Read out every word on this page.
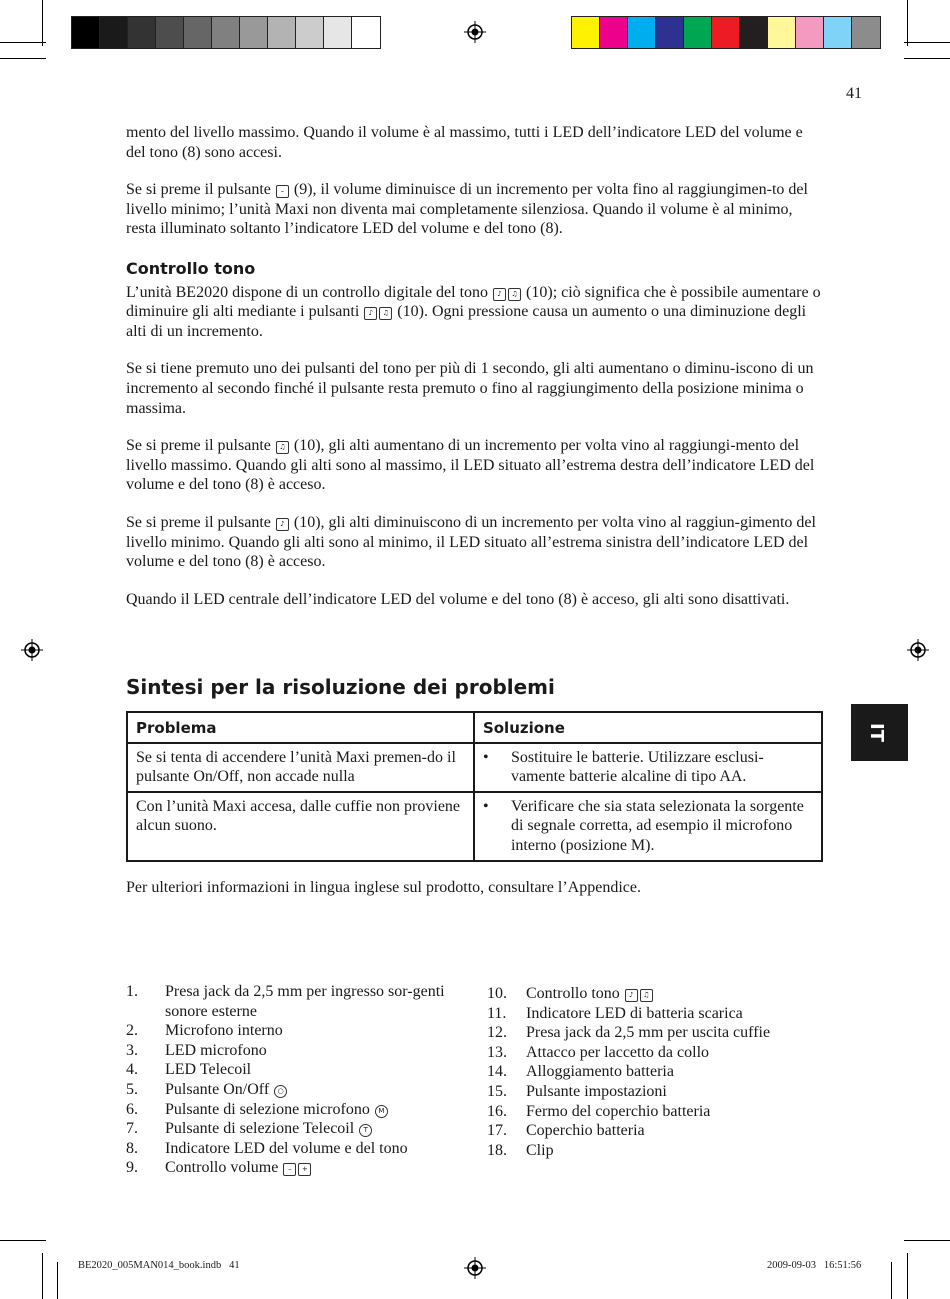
41

mento del livello massimo. Quando il volume è al massimo, tutti i LED dell’indicatore LED del volume e del tono (8) sono accesi.

Se si preme il pulsante – (9), il volume diminuisce di un incremento per volta fino al raggiungimen-to del livello minimo; l’unità Maxi non diventa mai completamente silenziosa. Quando il volume è al minimo, resta illuminato soltanto l’indicatore LED del volume e del tono (8).

Controllo tono

L’unità BE2020 dispone di un controllo digitale del tono ♪ ♫ (10); ciò significa che è possibile aumentare o diminuire gli alti mediante i pulsanti ♪ ♫ (10). Ogni pressione causa un aumento o una diminuzione degli alti di un incremento.

Se si tiene premuto uno dei pulsanti del tono per più di 1 secondo, gli alti aumentano o diminu-iscono di un incremento al secondo finché il pulsante resta premuto o fino al raggiungimento della posizione minima o massima.

Se si preme il pulsante ♫ (10), gli alti aumentano di un incremento per volta vino al raggiungi-mento del livello massimo. Quando gli alti sono al massimo, il LED situato all’estrema destra dell’indicatore LED del volume e del tono (8) è acceso.

Se si preme il pulsante ♪ (10), gli alti diminuiscono di un incremento per volta vino al raggiun-gimento del livello minimo. Quando gli alti sono al minimo, il LED situato all’estrema sinistra dell’indicatore LED del volume e del tono (8) è acceso.

Quando il LED centrale dell’indicatore LED del volume e del tono (8) è acceso, gli alti sono disattivati.

Sintesi per la risoluzione dei problemi
Problema	Soluzione
Se si tenta di accendere l’unità Maxi premen-do il pulsante On/Off, non accade nulla	• Sostituire le batterie. Utilizzare esclusi-vamente batterie alcaline di tipo AA.

Con l’unità Maxi accesa, dalle cuffie non proviene alcun suono.	• Verificare che sia stata selezionata la sorgente di segnale corretta, ad esempio il microfono interno (posizione M).
Per ulteriori informazioni in lingua inglese sul prodotto, consultare l’Appendice.
1.	Presa jack da 2,5 mm per ingresso sor-genti sonore esterne
2.	Microfono interno
3.	LED microfono
4.	LED Telecoil
5.	Pulsante On/Off ○
6.	Pulsante di selezione microfono M
7.	Pulsante di selezione Telecoil T
8.	Indicatore LED del volume e del tono
9.	Controllo volume – +
10.	Controllo tono ♪ ♫
11.	Indicatore LED di batteria scarica
12.	Presa jack da 2,5 mm per uscita cuffie
13.	Attacco per laccetto da collo
14.	Alloggiamento batteria
15.	Pulsante impostazioni
16.	Fermo del coperchio batteria
17.	Coperchio batteria
18.	Clip
IT
BE2020_005MAN014_book.indb   41	2009-09-03   16:51:56
